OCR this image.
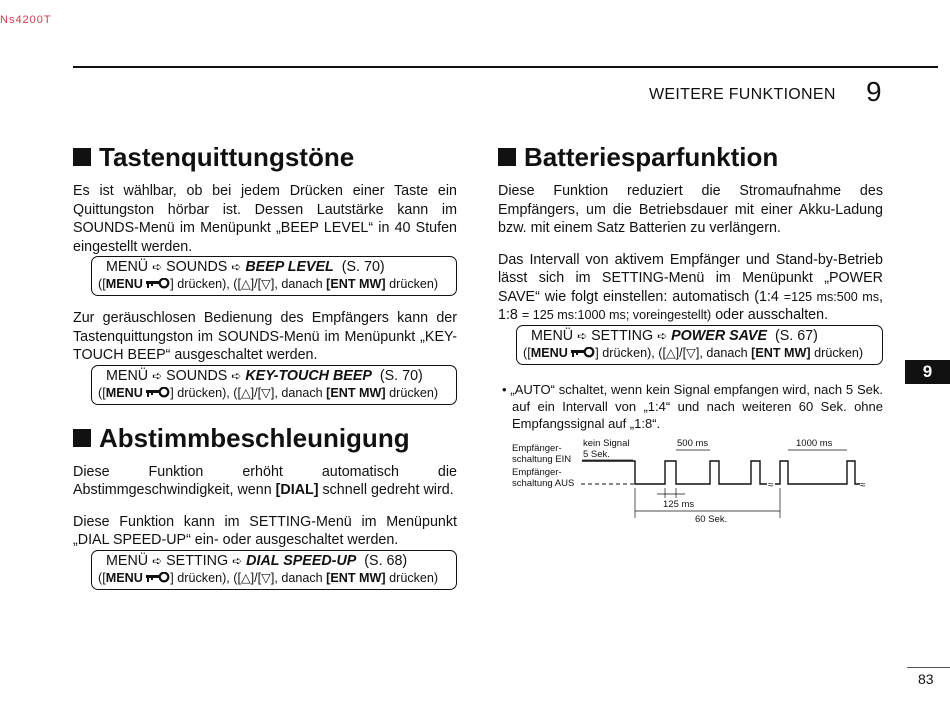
Ns4200T
WEITERE FUNKTIONEN 9
9
Tastenquittungstöne

Es ist wählbar, ob bei jedem Drücken einer Taste ein Quittungston hörbar ist. Dessen Lautstärke kann im SOUNDS-Menü im Menüpunkt „BEEP LEVEL“ in 40 Stufen eingestellt werden.

MENÜ ➪ SOUNDS ➪ BEEP LEVEL (S. 70)
([MENU ] drücken), ([△]/[▽], danach [ENT MW] drücken)

Zur geräuschlosen Bedienung des Empfängers kann der Tastenquittungston im SOUNDS-Menü im Menüpunkt „KEY-TOUCH BEEP“ ausgeschaltet werden.

MENÜ ➪ SOUNDS ➪ KEY-TOUCH BEEP (S. 70)
([MENU ] drücken), ([△]/[▽], danach [ENT MW] drücken)
Abstimmbeschleunigung

Diese Funktion erhöht automatisch die Abstimmgeschwindigkeit, wenn [DIAL] schnell gedreht wird.

Diese Funktion kann im SETTING-Menü im Menüpunkt „DIAL SPEED-UP“ ein- oder ausgeschaltet werden.

MENÜ ➪ SETTING ➪ DIAL SPEED-UP (S. 68)
([MENU ] drücken), ([△]/[▽], danach [ENT MW] drücken)
Batteriesparfunktion

Diese Funktion reduziert die Stromaufnahme des Empfängers, um die Betriebsdauer mit einer Akku-Ladung bzw. mit einem Satz Batterien zu verlängern.

Das Intervall von aktivem Empfänger und Stand-by-Betrieb lässt sich im SETTING-Menü im Menüpunkt „POWER SAVE“ wie folgt einstellen: automatisch (1:4 =125 ms:500 ms, 1:8 = 125 ms:1000 ms; voreingestellt) oder ausschalten.

MENÜ ➪ SETTING ➪ POWER SAVE (S. 67)
([MENU ] drücken), ([△]/[▽], danach [ENT MW] drücken)

• „AUTO“ schaltet, wenn kein Signal empfangen wird, nach 5 Sek. auf ein Intervall von „1:4“ und nach weiteren 60 Sek. ohne Empfangssignal auf „1:8“.

Empfänger-
schaltung EIN
Empfänger-
schaltung AUS
kein Signal
5 Sek.
500 ms	1000 ms
125 ms
60 Sek.
≈	≈
83
